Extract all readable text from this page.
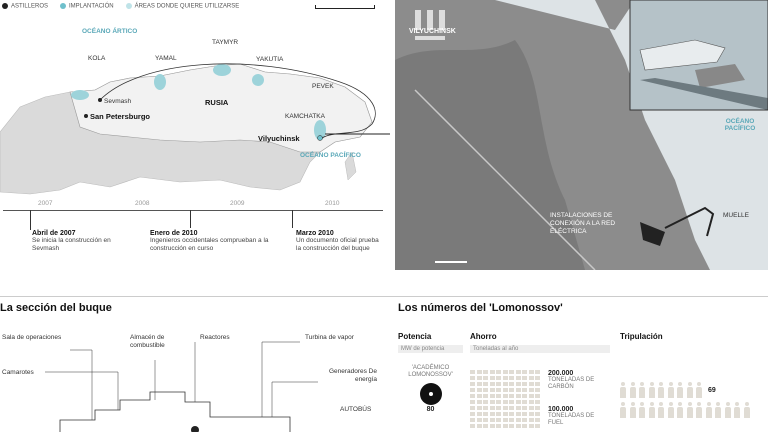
ASTILLEROS	IMPLANTACIÓN	ÁREAS DONDE QUIERE UTILIZARSE
OCÉANO ÁRTICO
OCÉANO PACÍFICO
RUSIA
KOLA	YAMAL
TAYMYR
YAKUTIA
PEVEK
KAMCHATKA
Sevmash
San Petersburgo
Vilyuchinsk
2007	2008	2009	2010
Abril de 2007
Se inicia la construcción en Sevmash
Enero de 2010
Ingenieros occidentales comprueban a la construcción en curso
Marzo 2010
Un documento oficial prueba la construcción del buque
VILYUCHINSK
INSTALACIONES DE CONEXIÓN A LA RED ELÉCTRICA
MUELLE
OCÉANO PACÍFICO
La sección del buque
Sala de operaciones	Almacén de combustible
Reactores	Turbina de vapor
Camarotes	Generadores De energía
AUTOBÚS
Los números del 'Lomonossov'
Potencia
MW de potencia
'ACADÉMICO LOMONOSSOV'
80
Ahorro
Toneladas al año
200.000
TONELADAS DE CARBÓN
100.000
TONELADAS DE FUEL
Tripulación
69
